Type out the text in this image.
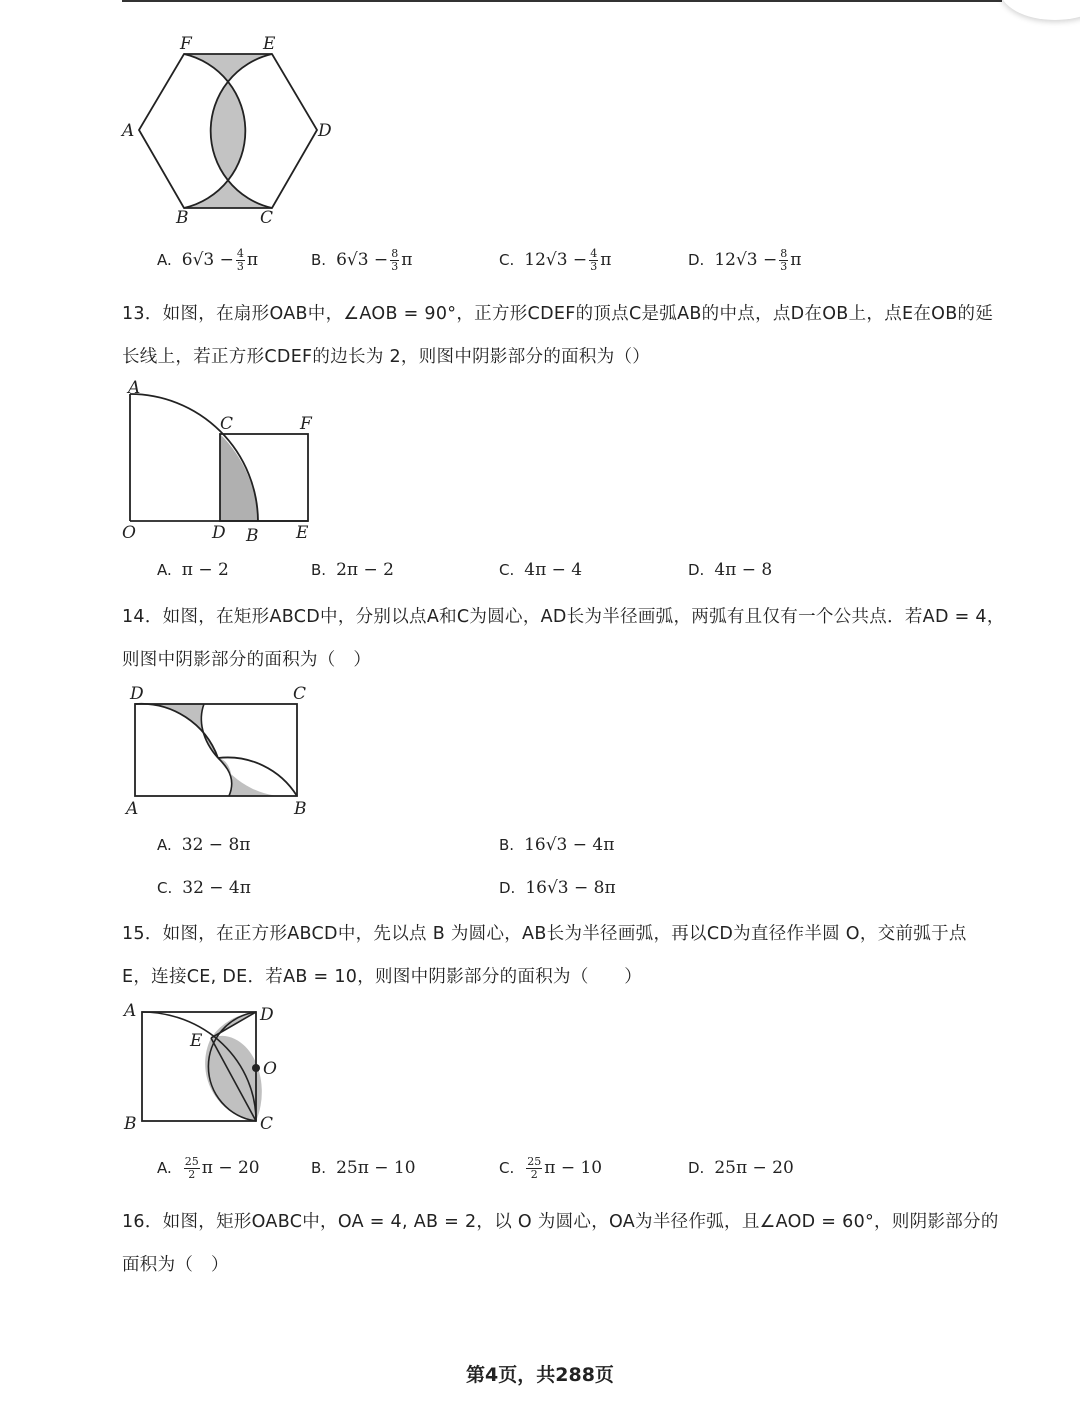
F	E
A	D
B	C
A. $6√3 - \frac{4}{3}$ π	B. $6√3 - \frac{8}{3}$ π	C. $12√3 - \frac{4}{3}$ π	D. $12√3 - \frac{8}{3}$ π
13．如图，在扇形OAB中，∠AOB = 90°，正方形CDEF的顶点C是弧AB的中点，点D在OB上，点E在OB的延
长线上，若正方形CDEF的边长为 2，则图中阴影部分的面积为（）
A
C	F
O	D B E
A. π − 2	B. 2π − 2	C. 4π − 4	D. 4π − 8
14．如图，在矩形ABCD中，分别以点A和C为圆心，AD长为半径画弧，两弧有且仅有一个公共点．若AD = 4，
则图中阴影部分的面积为（　）
D	C
A	B
A. 32 − 8π	B. 16√3 − 4π
C. 32 − 4π	D. 16√3 − 8π
15．如图，在正方形ABCD中，先以点 B 为圆心，AB长为半径画弧，再以CD为直径作半圆 O，交前弧于点
E，连接CE, DE．若AB = 10，则图中阴影部分的面积为（　　）
A	D
E
O
B	C
A. $\frac{25}{2}$ π − 20	B. 25π − 10	C. $\frac{25}{2}$ π − 10	D. 25π − 20
16．如图，矩形OABC中，OA = 4, AB = 2，以 O 为圆心，OA为半径作弧，且∠AOD = 60°，则阴影部分的
面积为（　）
第4页，共288页
